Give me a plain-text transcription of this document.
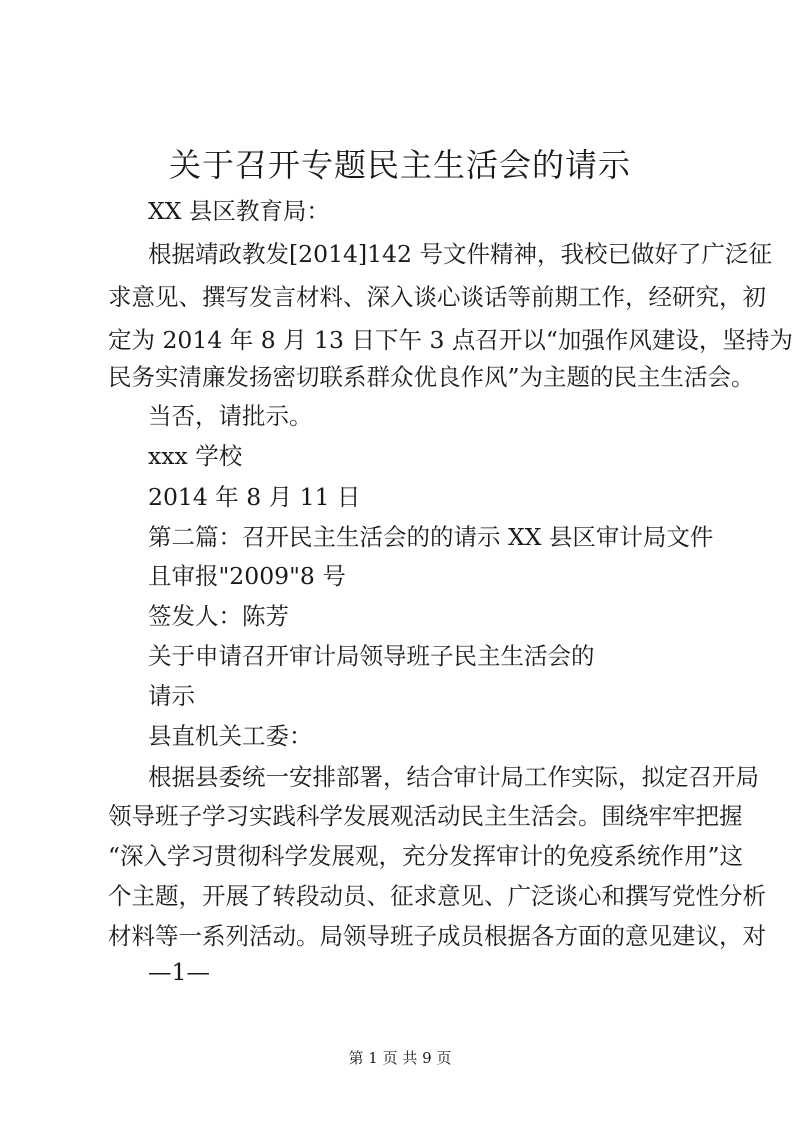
关于召开专题民主生活会的请示
XX 县区教育局：
根据靖政教发[2014]142 号文件精神，我校已做好了广泛征
求意见、撰写发言材料、深入谈心谈话等前期工作，经研究，初
定为 2014 年 8 月 13 日下午 3 点召开以“加强作风建设，坚持为
民务实清廉发扬密切联系群众优良作风”为主题的民主生活会。
当否，请批示。
xxx 学校
2014 年 8 月 11 日
第二篇：召开民主生活会的的请示 XX 县区审计局文件
且审报"2009"8 号
签发人：陈芳
关于申请召开审计局领导班子民主生活会的
请示
县直机关工委：
根据县委统一安排部署，结合审计局工作实际，拟定召开局
领导班子学习实践科学发展观活动民主生活会。围绕牢牢把握
“深入学习贯彻科学发展观，充分发挥审计的免疫系统作用”这
个主题，开展了转段动员、征求意见、广泛谈心和撰写党性分析
材料等一系列活动。局领导班子成员根据各方面的意见建议，对
—1—
第 1 页 共 9 页
